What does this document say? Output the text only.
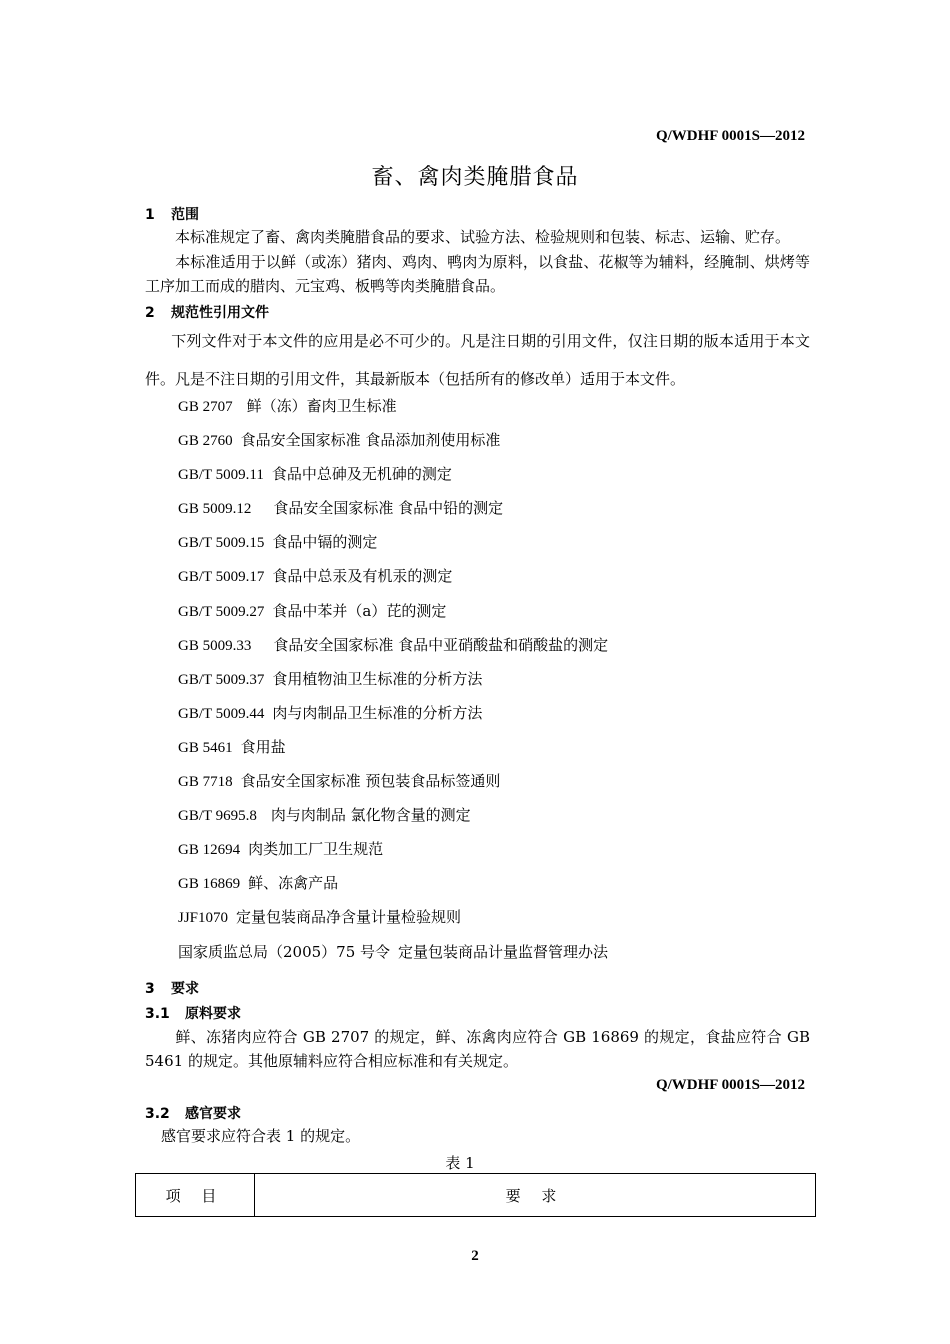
Q/WDHF 0001S—2012
畜、禽肉类腌腊食品
1 范围
本标准规定了畜、禽肉类腌腊食品的要求、试验方法、检验规则和包装、标志、运输、贮存。
本标准适用于以鲜（或冻）猪肉、鸡肉、鸭肉为原料，以食盐、花椒等为辅料，经腌制、烘烤等工序加工而成的腊肉、元宝鸡、板鸭等肉类腌腊食品。
2 规范性引用文件
下列文件对于本文件的应用是必不可少的。凡是注日期的引用文件，仅注日期的版本适用于本文件。凡是不注日期的引用文件，其最新版本（包括所有的修改单）适用于本文件。
GB 2707 鲜（冻）畜肉卫生标准
GB 2760 食品安全国家标准 食品添加剂使用标准
GB/T 5009.11 食品中总砷及无机砷的测定
GB 5009.12 食品安全国家标准 食品中铅的测定
GB/T 5009.15 食品中镉的测定
GB/T 5009.17 食品中总汞及有机汞的测定
GB/T 5009.27 食品中苯并（a）芘的测定
GB 5009.33 食品安全国家标准 食品中亚硝酸盐和硝酸盐的测定
GB/T 5009.37 食用植物油卫生标准的分析方法
GB/T 5009.44 肉与肉制品卫生标准的分析方法
GB 5461 食用盐
GB 7718 食品安全国家标准 预包装食品标签通则
GB/T 9695.8 肉与肉制品 氯化物含量的测定
GB 12694 肉类加工厂卫生规范
GB 16869 鲜、冻禽产品
JJF1070 定量包装商品净含量计量检验规则
国家质监总局（2005）75 号令 定量包装商品计量监督管理办法
3 要求
3.1 原料要求
鲜、冻猪肉应符合 GB 2707 的规定，鲜、冻禽肉应符合 GB 16869 的规定，食盐应符合 GB 5461 的规定。其他原辅料应符合相应标准和有关规定。
Q/WDHF 0001S—2012
3.2 感官要求
感官要求应符合表 1 的规定。
表 1
项 目	要 求
2
